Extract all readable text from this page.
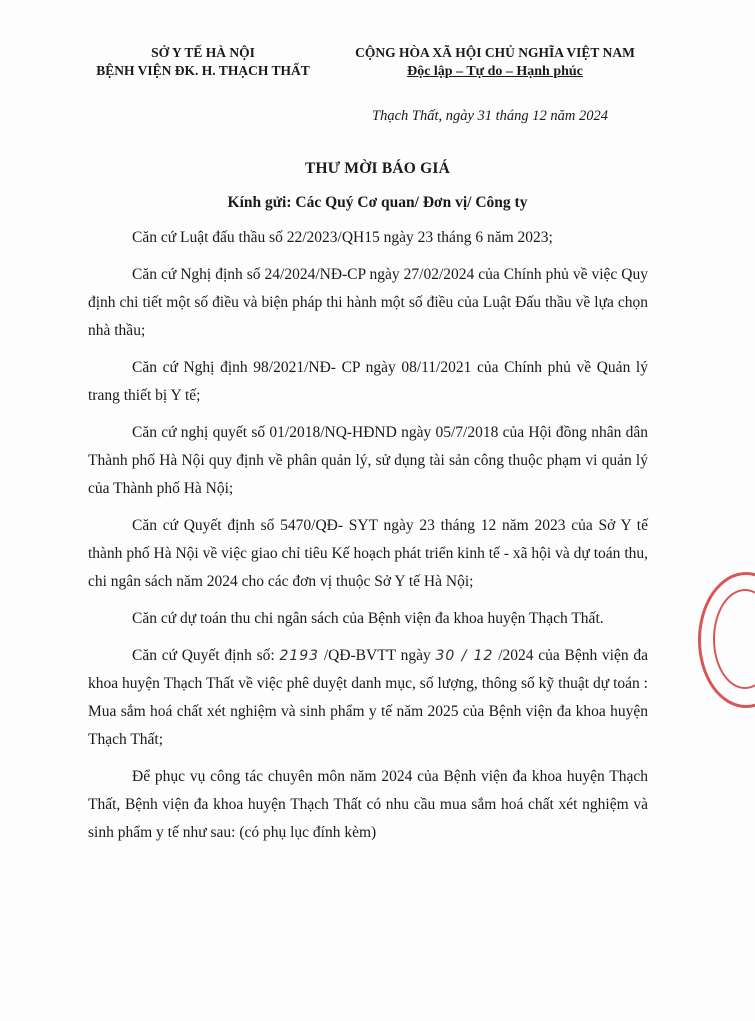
SỞ Y TẾ HÀ NỘI
BỆNH VIỆN ĐK. H. THẠCH THẤT
CỘNG HÒA XÃ HỘI CHỦ NGHĨA VIỆT NAM
Độc lập – Tự do – Hạnh phúc
Thạch Thất, ngày 31 tháng 12 năm 2024
THƯ MỜI BÁO GIÁ
Kính gửi: Các Quý Cơ quan/ Đơn vị/ Công ty

Căn cứ Luật đấu thầu số 22/2023/QH15 ngày 23 tháng 6 năm 2023;

Căn cứ Nghị định số 24/2024/NĐ-CP ngày 27/02/2024 của Chính phủ về việc Quy định chi tiết một số điều và biện pháp thi hành một số điều của Luật Đấu thầu về lựa chọn nhà thầu;

Căn cứ Nghị định 98/2021/NĐ- CP ngày 08/11/2021 của Chính phủ về Quản lý trang thiết bị Y tế;

Căn cứ nghị quyết số 01/2018/NQ-HĐND ngày 05/7/2018 của Hội đồng nhân dân Thành phố Hà Nội quy định về phân quản lý, sử dụng tài sản công thuộc phạm vi quản lý của Thành phố Hà Nội;

Căn cứ Quyết định số 5470/QĐ- SYT ngày 23 tháng 12 năm 2023 của Sở Y tế thành phố Hà Nội về việc giao chỉ tiêu Kế hoạch phát triển kinh tế - xã hội và dự toán thu, chi ngân sách năm 2024 cho các đơn vị thuộc Sở Y tế Hà Nội;

Căn cứ dự toán thu chi ngân sách của Bệnh viện đa khoa huyện Thạch Thất.

Căn cứ Quyết định số: 2193 /QĐ-BVTT ngày 30 / 12 /2024 của Bệnh viện đa khoa huyện Thạch Thất về việc phê duyệt danh mục, số lượng, thông số kỹ thuật dự toán : Mua sắm hoá chất xét nghiệm và sinh phẩm y tế năm 2025 của Bệnh viện đa khoa huyện Thạch Thất;

Để phục vụ công tác chuyên môn năm 2024 của Bệnh viện đa khoa huyện Thạch Thất, Bệnh viện đa khoa huyện Thạch Thất có nhu cầu mua sắm hoá chất xét nghiệm và sinh phẩm y tế như sau: (có phụ lục đính kèm)
